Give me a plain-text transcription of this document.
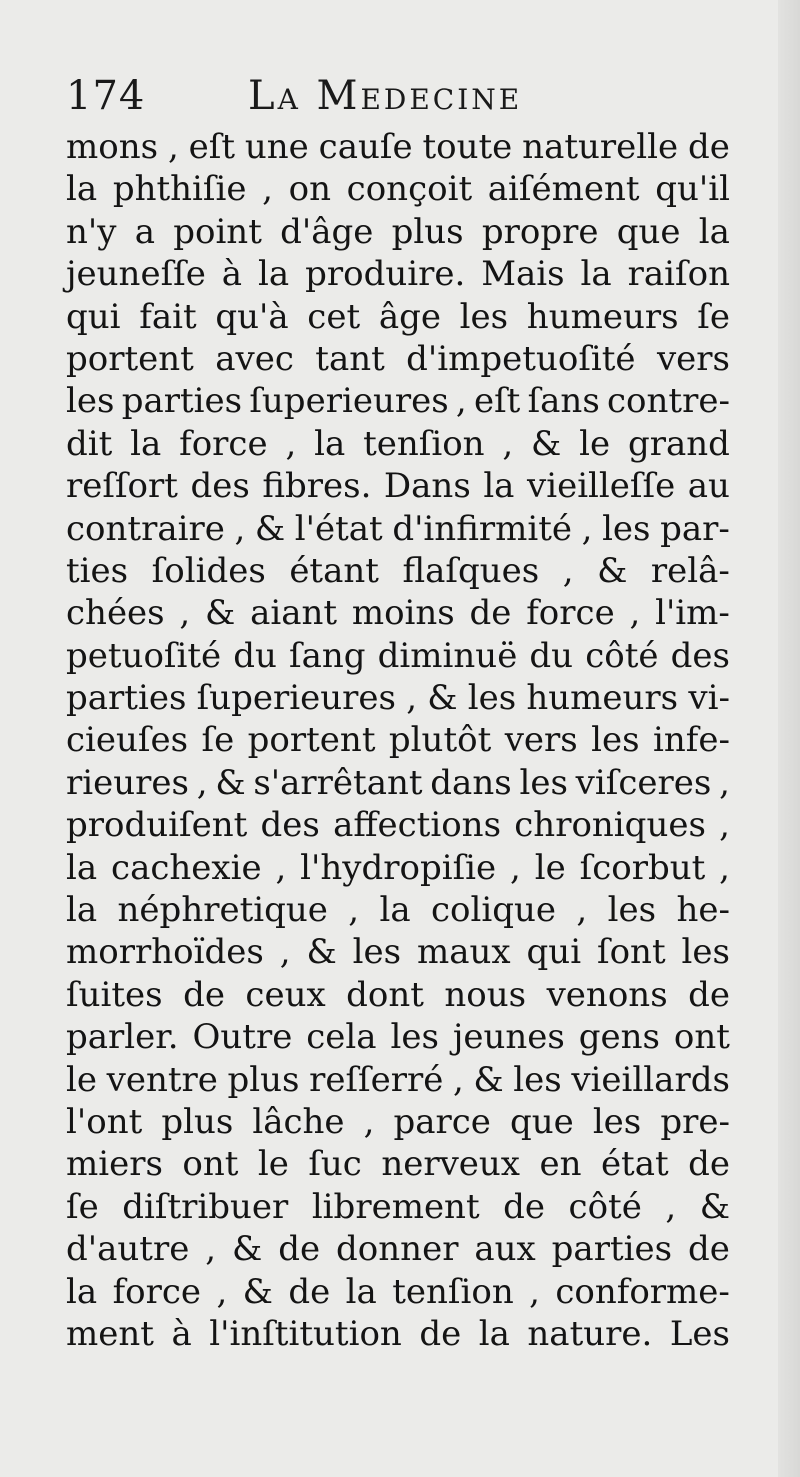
174	La Medecine
mons , eſt une cauſe toute naturelle de
la phthiſie , on conçoit aiſément qu'il
n'y a point d'âge plus propre que la
jeuneſſe à la produire. Mais la raiſon
qui fait qu'à cet âge les humeurs ſe
portent avec tant d'impetuoſité vers
les parties ſuperieures , eſt ſans contre-
dit la force , la tenſion , & le grand
reſſort des fibres. Dans la vieilleſſe au
contraire , & l'état d'infirmité , les par-
ties ſolides étant flaſques , & relâ-
chées , & aiant moins de force , l'im-
petuoſité du ſang diminuë du côté des
parties ſuperieures , & les humeurs vi-
cieuſes ſe portent plutôt vers les infe-
rieures , & s'arrêtant dans les viſceres ,
produiſent des affections chroniques ,
la cachexie , l'hydropiſie , le ſcorbut ,
la néphretique , la colique , les he-
morrhoïdes , & les maux qui ſont les
ſuites de ceux dont nous venons de
parler. Outre cela les jeunes gens ont
le ventre plus reſſerré , & les vieillards
l'ont plus lâche , parce que les pre-
miers ont le ſuc nerveux en état de
ſe diſtribuer librement de côté , &
d'autre , & de donner aux parties de
la force , & de la tenſion , conforme-
ment à l'inſtitution de la nature. Les
